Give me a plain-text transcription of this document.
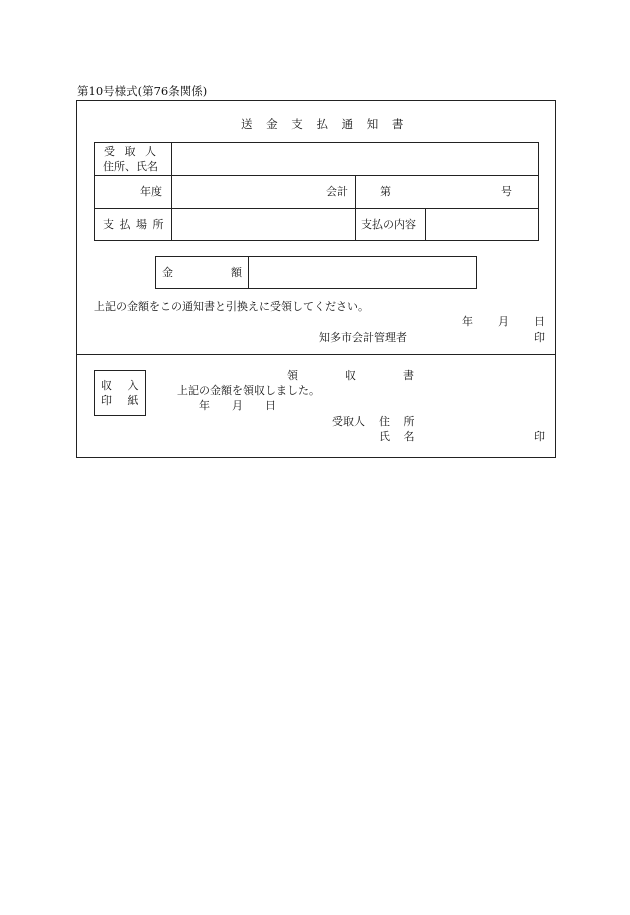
第10号様式(第76条関係)
送 金 支 払 通 知 書
受 取 人
住所、氏名
年度	会計	第	号
支 払 場 所	支払の内容
金	額
上記の金額をこの通知書と引換えに受領してください。
年 月 日
知多市会計管理者	印
収 入
印 紙
領	収	書
上記の金額を領収しました。
年 月 日
受取人 住 所
氏 名	印
